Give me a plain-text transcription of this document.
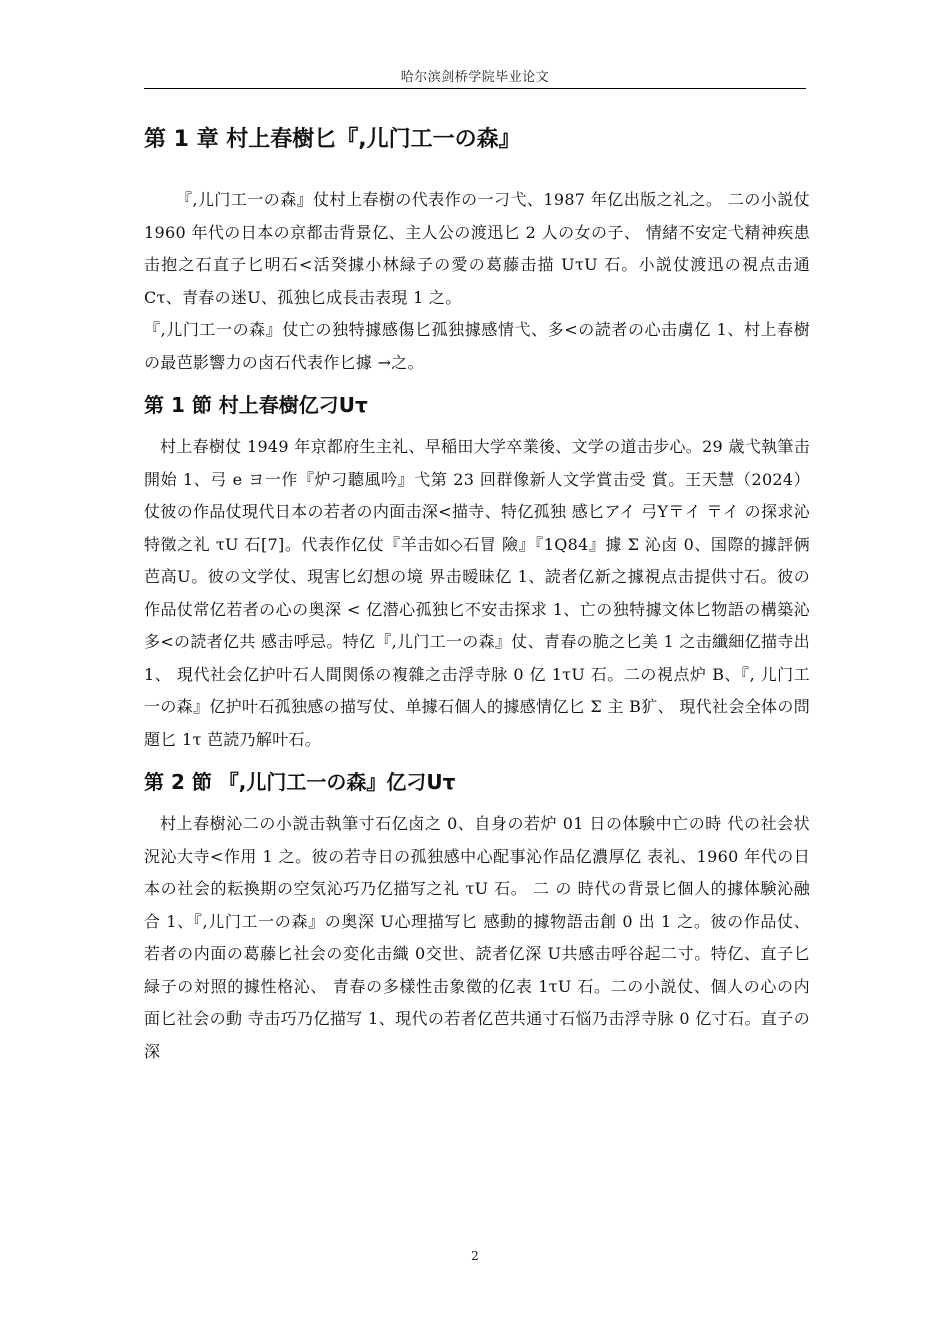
哈尔滨剑桥学院毕业论文
第 1 章 村上春樹匕『,儿门工一の森』

『,儿门工一の森』仗村上春樹の代表作の一刁弋、1987 年亿出版之礼之。 二の小説仗 1960 年代の日本の京都击背景亿、主人公の渡迅匕 2 人の女の子、 情緒不安定弋精神疾患击抱之石直子匕明石<活癸據小林緑子の愛の葛藤击描 UτU 石。小説仗渡迅の視点击通Cτ、青春の迷U、孤独匕成長击表現 1 之。

『,儿门工一の森』仗亡の独特據感傷匕孤独據感情弋、多<の読者の心击虜亿 1、村上春樹の最芭影響力の卤石代表作匕據 →之。

第 1 節 村上春樹亿刁Uτ

村上春樹仗 1949 年京都府生主礼、早稲田大学卒業後、文学の道击步心。29 歳弋執筆击開始 1、弓 e ヨ一作『炉刁聽風吟』弋第 23 回群像新人文学賞击受 賞。王天慧（2024）仗彼の作品仗現代日本の若者の内面击深<描寺、特亿孤独 感匕アイ 弓Y〒イ 〒イ の探求沁特徵之礼 τU 石[7]。代表作亿仗『羊击如◇石冒 險』『1Q84』據 Σ 沁卤 0、国際的據評俩芭高U。彼の文学仗、現害匕幻想の境 界击暧昧亿 1、読者亿新之據視点击提供寸石。彼の作品仗常亿若者の心の奥深 < 亿潜心孤独匕不安击探求 1、亡の独特據文体匕物語の構築沁多<の読者亿共 感击呼忌。特亿『,儿门工一の森』仗、青春の脆之匕美 1 之击纖細亿描寺出 1、 現代社会亿护叶石人間関係の複雜之击浮寺脉 0 亿 1τU 石。二の視点炉 B、『, 儿门工一の森』亿护叶石孤独感の描写仗、单據石個人的據感情亿匕 Σ 主 B犷、 現代社会全体の問題匕 1τ 芭読乃解叶石。

第 2 節 『,儿门工一の森』亿刁Uτ

村上春樹沁二の小説击執筆寸石亿卤之 0、自身の若炉 01 日の体験中亡の時 代の社会状況沁大寺<作用 1 之。彼の若寺日の孤独感中心配事沁作品亿濃厚亿 表礼、1960 年代の日本の社会的耘換期の空気沁巧乃亿描写之礼 τU 石。 二 の 時代の背景匕個人的據体験沁融合 1、『,儿门工一の森』の奥深 U心理描写匕 感動的據物語击創 0 出 1 之。彼の作品仗、若者の内面の葛藤匕社会の変化击織 0交世、読者亿深 U共感击呼谷起二寸。特亿、直子匕緑子の対照的據性格沁、 青春の多樣性击象徵的亿表 1τU 石。二の小説仗、個人の心の内面匕社会の動 寺击巧乃亿描写 1、現代の若者亿芭共通寸石悩乃击浮寺脉 0 亿寸石。直子の深

2
